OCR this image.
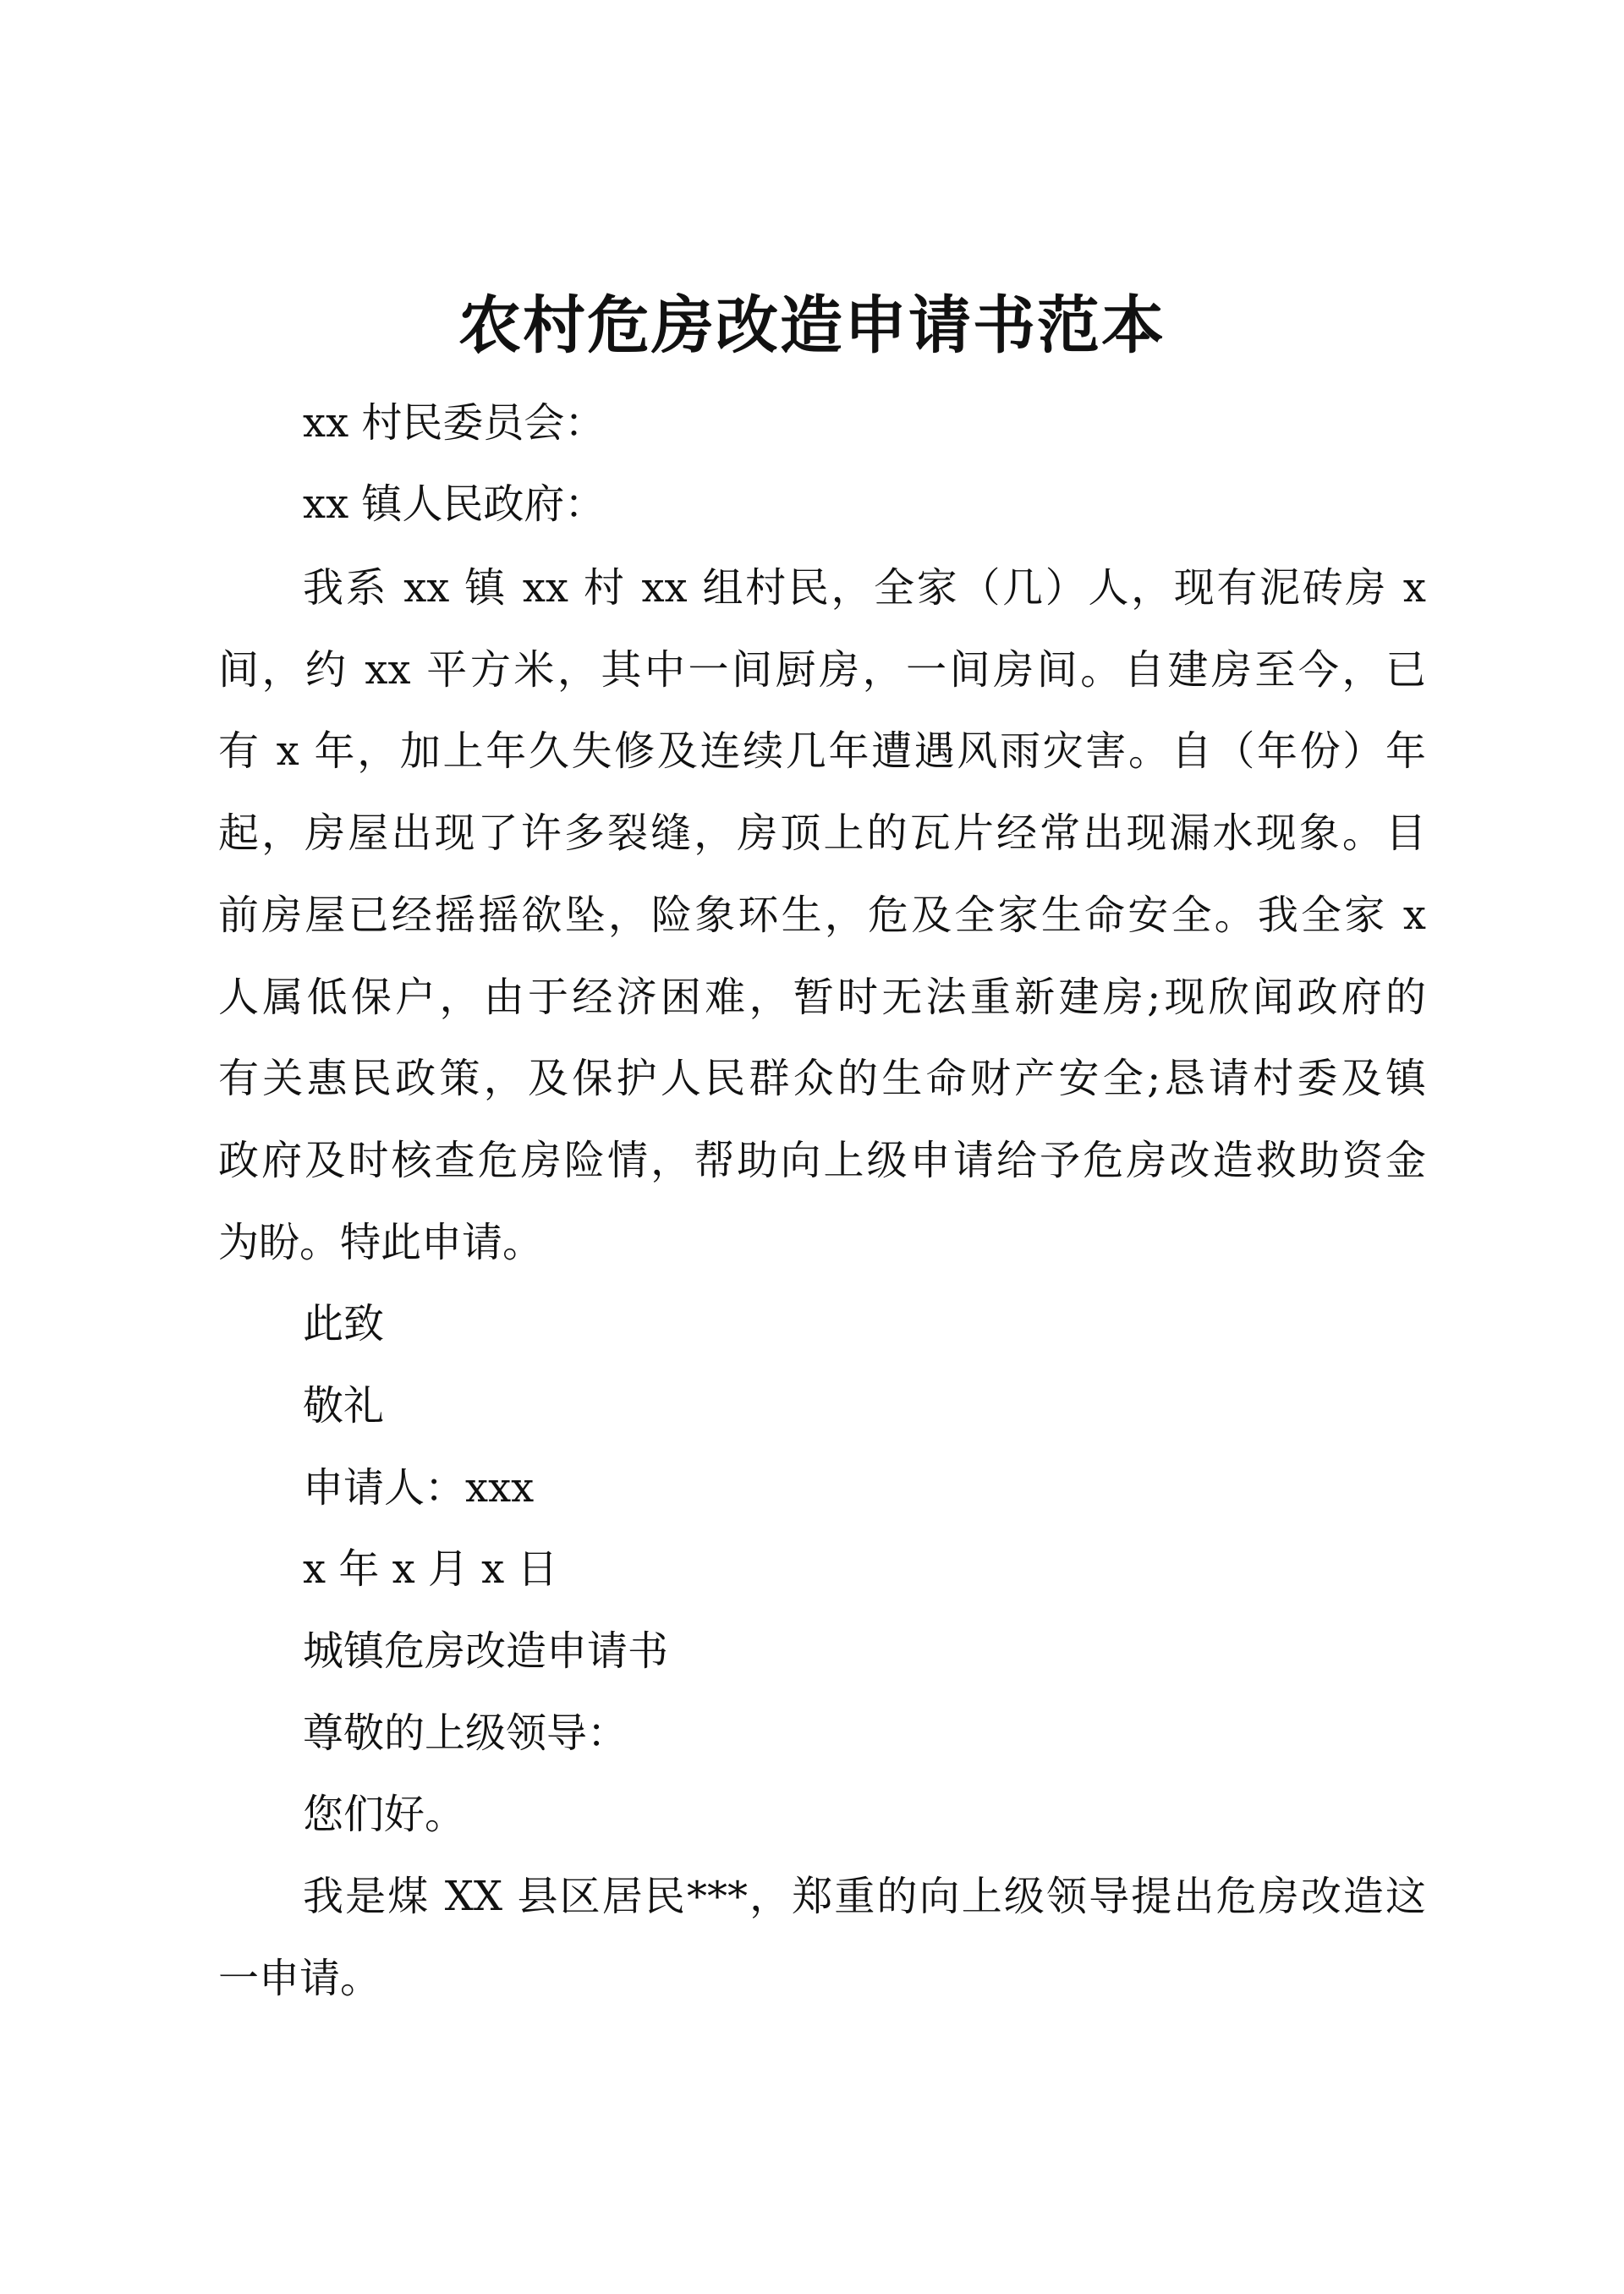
农村危房改造申请书范本
xx 村民委员会：
xx 镇人民政府：
我系 xx 镇 xx 村 xx 组村民，全家（几）人，现有泥砖房 x
间，约 xx 平方米，其中一间厨房，一间房间。自建房至今，已
有 x 年，加上年久失修及连续几年遭遇风雨灾害。自（年份）年
起，房屋出现了许多裂缝，房顶上的瓦片经常出现漏水现象。目
前房屋已经摇摇欲坠，险象环生，危及全家生命安全。我全家 x
人属低保户，由于经济困难，暂时无法重新建房;现欣闻政府的
有关惠民政策，及保护人民群众的生命财产安全;恳请村委及镇
政府及时核查危房险情，帮助向上级申请给予危房改造救助资金
为盼。特此申请。
此致
敬礼
申请人：xxx
x 年 x 月 x 日
城镇危房改造申请书
尊敬的上级领导：
您们好。
我是煤 XX 县区居民***，郑重的向上级领导提出危房改造这
一申请。
